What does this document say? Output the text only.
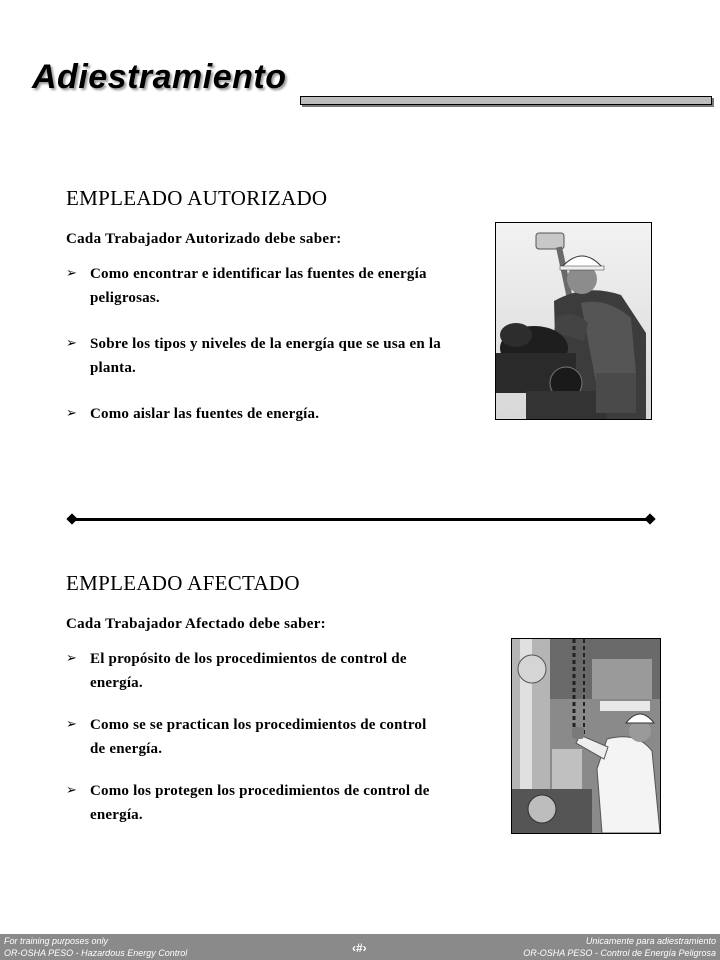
Adiestramiento
EMPLEADO AUTORIZADO

Cada Trabajador Autorizado debe saber:

➢ Como encontrar e identificar las fuentes de energía peligrosas.
➢ Sobre los tipos y niveles de la energía que se usa en la planta.
➢ Como aislar las fuentes de energía.
EMPLEADO AFECTADO

Cada Trabajador Afectado debe saber:

➢ El propósito de los procedimientos de control de energía.
➢ Como se se practican los procedimientos de control de energía.
➢ Como los protegen los procedimientos de control de energía.
For training purposes only
OR-OSHA PESO - Hazardous Energy Control	‹#›	Unicamente para adiestramiento
OR-OSHA PESO - Control de Energía Peligrosa
